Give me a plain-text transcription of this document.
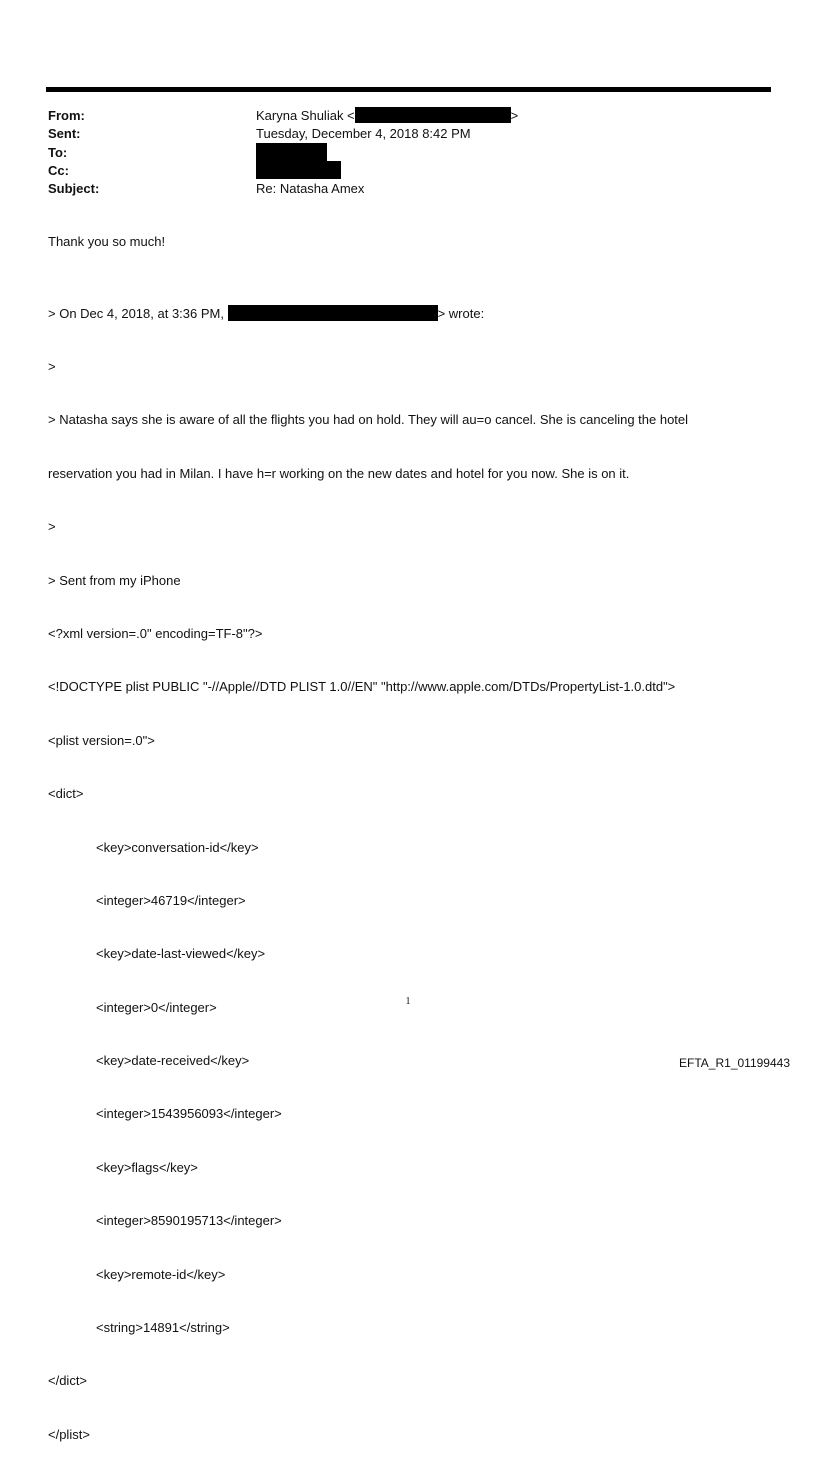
From:
Sent:
To:
Cc:
Subject:
Karyna Shuliak <	>
Tuesday, December 4, 2018 8:42 PM
Re: Natasha Amex
Thank you so much!

> On Dec 4, 2018, at 3:36 PM,	> wrote:

>

> Natasha says she is aware of all the flights you had on hold. They will au=o cancel. She is canceling the hotel

reservation you had in Milan. I have h=r working on the new dates and hotel for you now. She is on it.

>

> Sent from my iPhone

<?xml version=.0" encoding=TF-8"?>

<!DOCTYPE plist PUBLIC "-//Apple//DTD PLIST 1.0//EN" "http://www.apple.com/DTDs/PropertyList-1.0.dtd">

<plist version=.0">

<dict>

<key>conversation-id</key>

<integer>46719</integer>

<key>date-last-viewed</key>

<integer>0</integer>

<key>date-received</key>

<integer>1543956093</integer>

<key>flags</key>

<integer>8590195713</integer>

<key>remote-id</key>

<string>14891</string>

</dict>

</plist>

1
EFTA_R1_01199443
